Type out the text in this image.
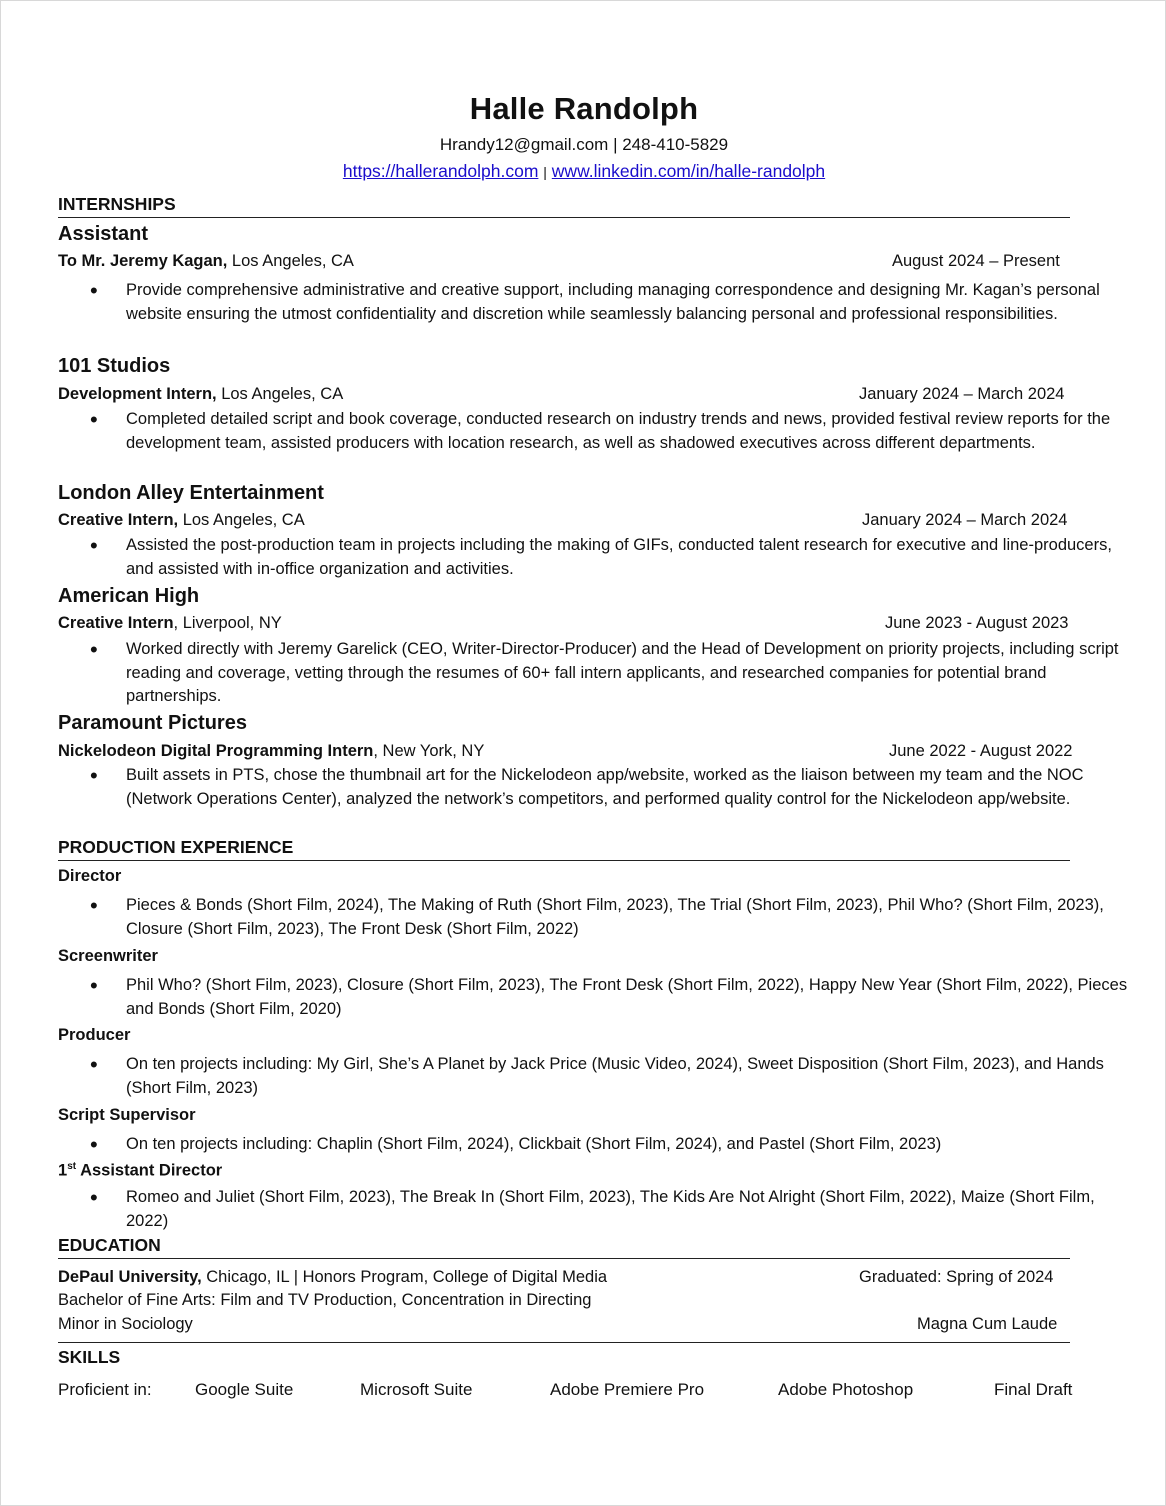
Halle Randolph
Hrandy12@gmail.com | 248-410-5829
https://hallerandolph.com | www.linkedin.com/in/halle-randolph
INTERNSHIPS
Assistant
To Mr. Jeremy Kagan, Los Angeles, CA	August 2024 – Present
• Provide comprehensive administrative and creative support, including managing correspondence and designing Mr. Kagan’s personal website ensuring the utmost confidentiality and discretion while seamlessly balancing personal and professional responsibilities.
101 Studios
Development Intern, Los Angeles, CA	January 2024 – March 2024
• Completed detailed script and book coverage, conducted research on industry trends and news, provided festival review reports for the development team, assisted producers with location research, as well as shadowed executives across different departments.
London Alley Entertainment
Creative Intern, Los Angeles, CA	January 2024 – March 2024
• Assisted the post-production team in projects including the making of GIFs, conducted talent research for executive and line-producers, and assisted with in-office organization and activities.
American High
Creative Intern, Liverpool, NY	June 2023 - August 2023
• Worked directly with Jeremy Garelick (CEO, Writer-Director-Producer) and the Head of Development on priority projects, including script reading and coverage, vetting through the resumes of 60+ fall intern applicants, and researched companies for potential brand partnerships.
Paramount Pictures
Nickelodeon Digital Programming Intern, New York, NY	June 2022 - August 2022
• Built assets in PTS, chose the thumbnail art for the Nickelodeon app/website, worked as the liaison between my team and the NOC (Network Operations Center), analyzed the network’s competitors, and performed quality control for the Nickelodeon app/website.
PRODUCTION EXPERIENCE
Director
• Pieces & Bonds (Short Film, 2024), The Making of Ruth (Short Film, 2023), The Trial (Short Film, 2023), Phil Who? (Short Film, 2023), Closure (Short Film, 2023), The Front Desk (Short Film, 2022)
Screenwriter
• Phil Who? (Short Film, 2023), Closure (Short Film, 2023), The Front Desk (Short Film, 2022), Happy New Year (Short Film, 2022), Pieces and Bonds (Short Film, 2020)
Producer
• On ten projects including: My Girl, She’s A Planet by Jack Price (Music Video, 2024), Sweet Disposition (Short Film, 2023), and Hands (Short Film, 2023)
Script Supervisor
• On ten projects including: Chaplin (Short Film, 2024), Clickbait (Short Film, 2024), and Pastel (Short Film, 2023)
1st Assistant Director
• Romeo and Juliet (Short Film, 2023), The Break In (Short Film, 2023), The Kids Are Not Alright (Short Film, 2022), Maize (Short Film, 2022)
EDUCATION
DePaul University, Chicago, IL | Honors Program, College of Digital Media	Graduated: Spring of 2024
Bachelor of Fine Arts: Film and TV Production, Concentration in Directing
Minor in Sociology	Magna Cum Laude
SKILLS
Proficient in:	Google Suite	Microsoft Suite	Adobe Premiere Pro	Adobe Photoshop	Final Draft
